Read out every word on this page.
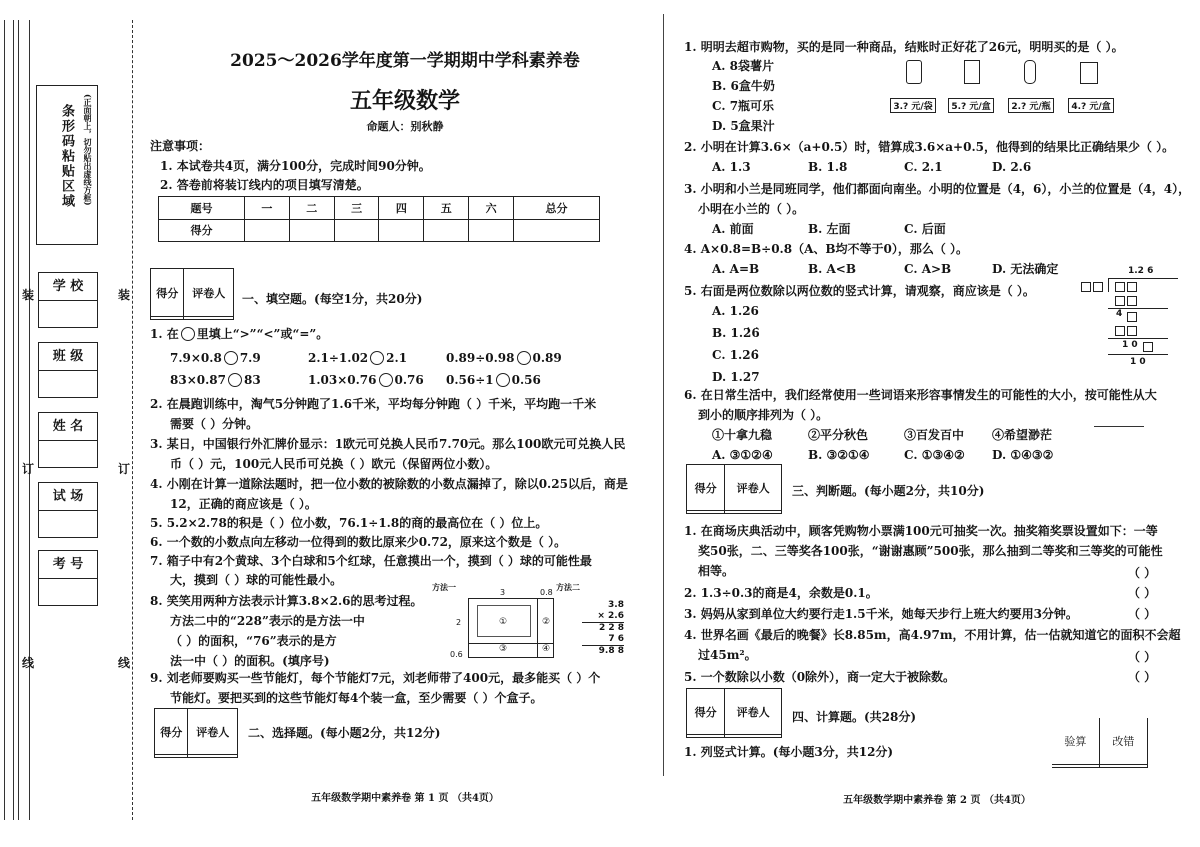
条形码粘贴区域 (正面朝上，切勿贴出虚线方框)
学 校
班 级
姓 名
试 场
考 号
装	装
订	订
线	线
2025～2026学年度第一学期期中学科素养卷
五年级数学
命题人：别秋静
注意事项：
1. 本试卷共4页，满分100分，完成时间90分钟。
2. 答卷前将装订线内的项目填写清楚。
题号	一	二	三	四	五	六	总分
得分							
得分	评卷人
	一、填空题。(每空1分，共20分)
1. 在 里填上“>”“<”或“=”。
7.9×0.8 7.9	2.1÷1.02 2.1	0.89÷0.98 0.89
83×0.87 83	1.03×0.76 0.76 0.56÷1 0.56
2. 在晨跑训练中，淘气5分钟跑了1.6千米，平均每分钟跑（ ）千米，平均跑一千米
需要（ ）分钟。
3. 某日，中国银行外汇牌价显示：1欧元可兑换人民币7.70元。那么100欧元可兑换人民
币（ ）元，100元人民币可兑换（ ）欧元（保留两位小数）。
4. 小刚在计算一道除法题时，把一位小数的被除数的小数点漏掉了，除以0.25以后，商是
12，正确的商应该是（ ）。
5. 5.2×2.78的积是（ ）位小数，76.1÷1.8的商的最高位在（ ）位上。
6. 一个数的小数点向左移动一位得到的数比原来少0.72，原来这个数是（ ）。
7. 箱子中有2个黄球、3个白球和5个红球，任意摸出一个，摸到（ ）球的可能性最
大，摸到（ ）球的可能性最小。
8. 笑笑用两种方法表示计算3.8×2.6的思考过程。
方法二中的“228”表示的是方法一中
（ ）的面积，“76”表示的是方
法一中（ ）的面积。(填序号)
方法一	方法二
3	0.8
2
0.6
①	②
③	④
3.8
× 2.6
2 2 8
7 6
9.8 8
9. 刘老师要购买一些节能灯，每个节能灯7元，刘老师带了400元，最多能买（ ）个
节能灯。要把买到的这些节能灯每4个装一盒，至少需要（ ）个盒子。
得分	评卷人
	二、选择题。(每小题2分，共12分)
五年级数学期中素养卷 第 1 页 （共4页）
1. 明明去超市购物，买的是同一种商品，结账时正好花了26元，明明买的是（ ）。
A. 8袋薯片
B. 6盒牛奶
C. 7瓶可乐
D. 5盒果汁
3.? 元/袋	5.? 元/盒	2.? 元/瓶	4.? 元/盒
2. 小明在计算3.6×（a+0.5）时，错算成3.6×a+0.5，他得到的结果比正确结果少（ ）。
A. 1.3	B. 1.8	C. 2.1	D. 2.6
3. 小明和小兰是同班同学，他们都面向南坐。小明的位置是（4，6），小兰的位置是（4，4），
小明在小兰的（ ）。
A. 前面	B. 左面	C. 后面
4. A×0.8=B÷0.8（A、B均不等于0），那么（ ）。
A. A=B	B. A<B	C. A>B	D. 无法确定
5. 右面是两位数除以两位数的竖式计算，请观察，商应该是（ ）。
A. 1.26
B. 1.2̇6̇
C. 1.26̇
D. 1.27
1.2 6
4
1 0
1 0
6. 在日常生活中，我们经常使用一些词语来形容事情发生的可能性的大小，按可能性从大
到小的顺序排列为（ ）。
①十拿九稳	②平分秋色	③百发百中 ④希望渺茫
A. ③①②④	B. ③②①④	C. ①③④② D. ①④③②
得分	评卷人
	三、判断题。(每小题2分，共10分)
1. 在商场庆典活动中，顾客凭购物小票满100元可抽奖一次。抽奖箱奖票设置如下：一等
奖50张，二、三等奖各100张，“谢谢惠顾”500张，那么抽到二等奖和三等奖的可能性
相等。	（ ）
2. 1.3÷0.3的商是4，余数是0.1。	（ ）
3. 妈妈从家到单位大约要行走1.5千米，她每天步行上班大约要用3分钟。	（ ）
4. 世界名画《最后的晚餐》长8.85m，高4.97m，不用计算，估一估就知道它的面积不会超
过45m²。	（ ）
5. 一个数除以小数（0除外），商一定大于被除数。	（ ）
得分	评卷人
	四、计算题。(共28分)
验算	改错

1. 列竖式计算。(每小题3分，共12分)
五年级数学期中素养卷 第 2 页 （共4页）
